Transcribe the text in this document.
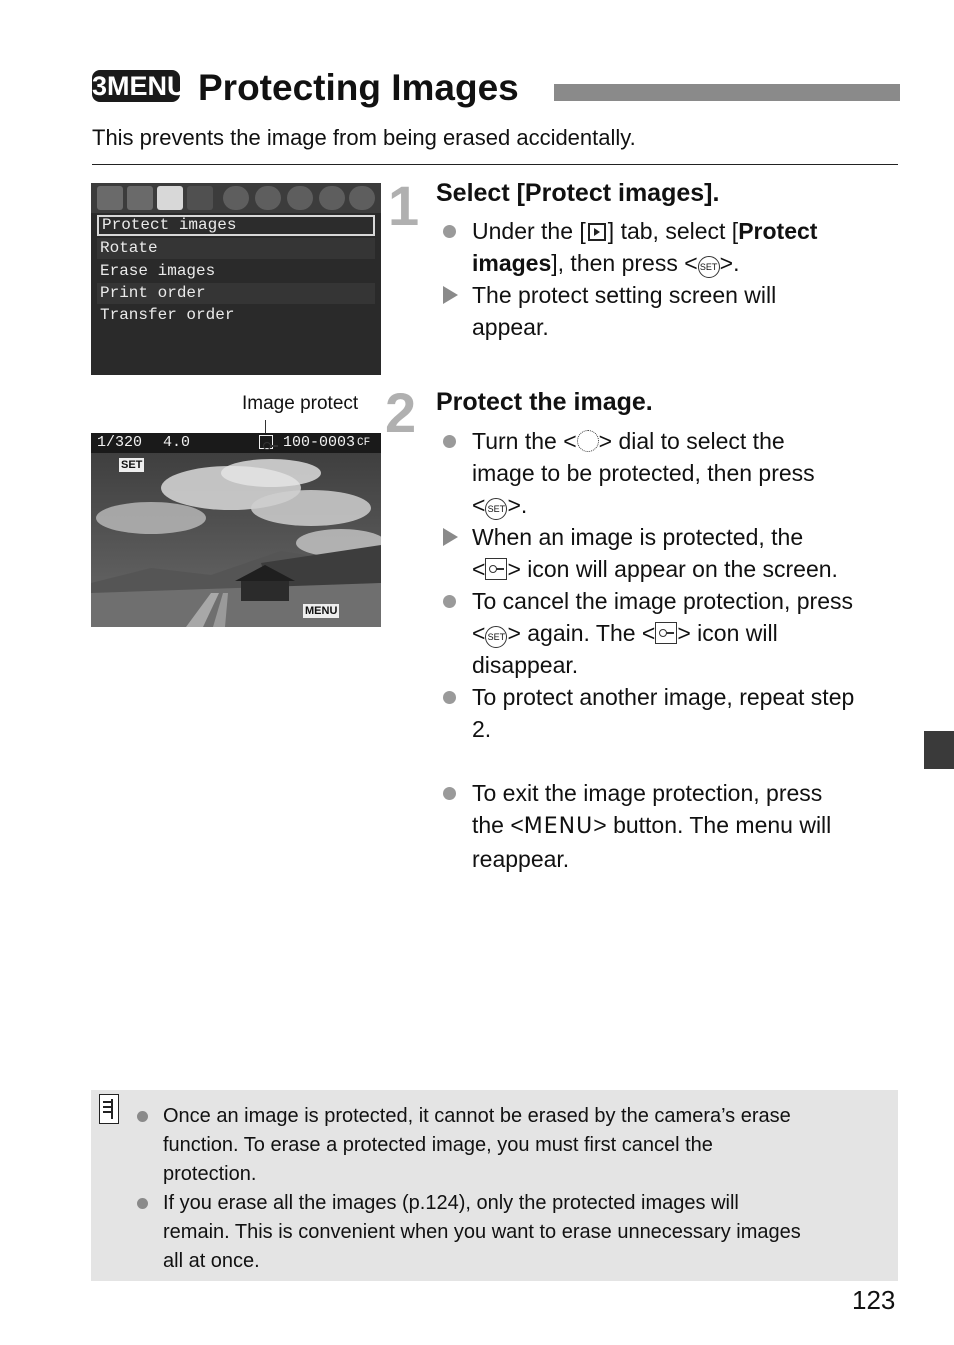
3MENU Protecting Images
This prevents the image from being erased accidentally.
Protect images
Rotate
Erase images
Print order
Transfer order
1 Select [Protect images].
Under the [ ] tab, select [Protect
images], then press < SET>.
The protect setting screen will
appear.
Image protect
1/320 4.0	100-0003 CF
SET
MENU
2 Protect the image.
Turn the < > dial to select the
image to be protected, then press
< SET>.
When an image is protected, the
< > icon will appear on the screen.
To cancel the image protection, press
< SET> again. The < > icon will
disappear.
To protect another image, repeat step
2.
To exit the image protection, press
the <MENU> button. The menu will
reappear.
Once an image is protected, it cannot be erased by the camera’s erase
function. To erase a protected image, you must first cancel the
protection.
If you erase all the images (p.124), only the protected images will
remain. This is convenient when you want to erase unnecessary images
all at once.
123
